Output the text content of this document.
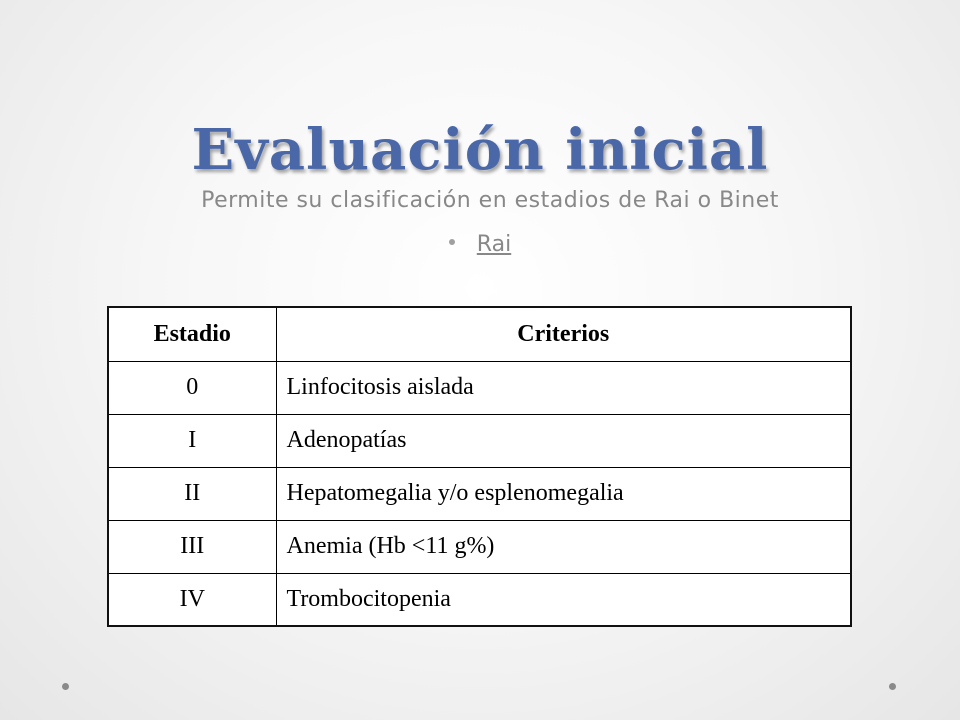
Evaluación inicial
Permite su clasificación en estadios de Rai o Binet
Rai
Estadio	Criterios
0	Linfocitosis aislada
I	Adenopatías
II	Hepatomegalia y/o esplenomegalia
III	Anemia (Hb <11 g%)
IV	Trombocitopenia
